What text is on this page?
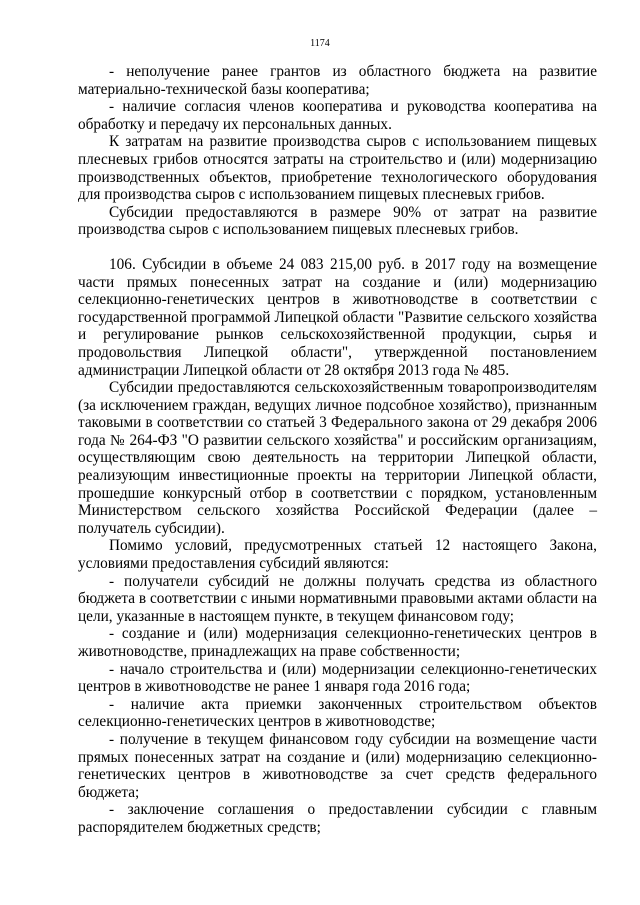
1174

- неполучение ранее грантов из областного бюджета на развитие материально-технической базы кооператива;

- наличие согласия членов кооператива и руководства кооператива на обработку и передачу их персональных данных.

К затратам на развитие производства сыров с использованием пищевых плесневых грибов относятся затраты на строительство и (или) модернизацию производственных объектов, приобретение технологического оборудования для производства сыров с использованием пищевых плесневых грибов.

Субсидии предоставляются в размере 90% от затрат на развитие производства сыров с использованием пищевых плесневых грибов.

106. Субсидии в объеме 24 083 215,00 руб. в 2017 году на возмещение части прямых понесенных затрат на создание и (или) модернизацию селекционно-генетических центров в животноводстве в соответствии с государственной программой Липецкой области "Развитие сельского хозяйства и регулирование рынков сельскохозяйственной продукции, сырья и продовольствия Липецкой области", утвержденной постановлением администрации Липецкой области от 28 октября 2013 года № 485.

Субсидии предоставляются сельскохозяйственным товаропроизводителям (за исключением граждан, ведущих личное подсобное хозяйство), признанным таковыми в соответствии со статьей 3 Федерального закона от 29 декабря 2006 года № 264-ФЗ "О развитии сельского хозяйства" и российским организациям, осуществляющим свою деятельность на территории Липецкой области, реализующим инвестиционные проекты на территории Липецкой области, прошедшие конкурсный отбор в соответствии с порядком, установленным Министерством сельского хозяйства Российской Федерации (далее – получатель субсидии).

Помимо условий, предусмотренных статьей 12 настоящего Закона, условиями предоставления субсидий являются:

- получатели субсидий не должны получать средства из областного бюджета в соответствии с иными нормативными правовыми актами области на цели, указанные в настоящем пункте, в текущем финансовом году;

- создание и (или) модернизация селекционно-генетических центров в животноводстве, принадлежащих на праве собственности;

- начало строительства и (или) модернизации селекционно-генетических центров в животноводстве не ранее 1 января года 2016 года;

- наличие акта приемки законченных строительством объектов селекционно-генетических центров в животноводстве;

- получение в текущем финансовом году субсидии на возмещение части прямых понесенных затрат на создание и (или) модернизацию селекционно-генетических центров в животноводстве за счет средств федерального бюджета;

- заключение соглашения о предоставлении субсидии с главным распорядителем бюджетных средств;
